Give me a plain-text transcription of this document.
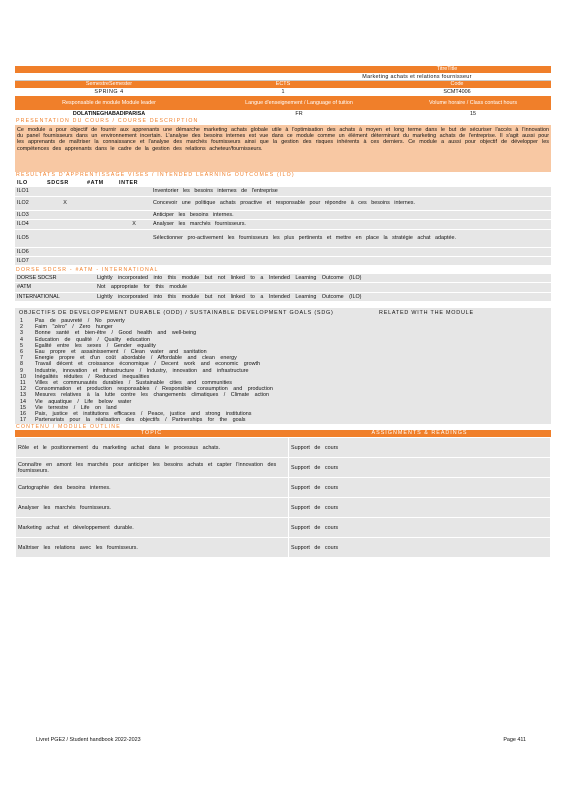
TitreTitle
Marketing achats et relations fournisseur
SemestreSemester	ECTS	Code
SPRING 4	1	SCMT4006
Responsable de module Module leader	Langue d'enseignement / Language of tuition	Volume horaire / Class contact hours
DOLATINEGHABADIPARISA	FR	15
PRESENTATION DU COURS / COURSE DESCRIPTION
Ce module a pour objectif de fournir aux apprenants une démarche marketing achats globale utile à l'optimisation des achats à moyen et long terme dans le but de sécuriser l'accès à l'innovation du panel fournisseurs dans un environnement incertain. L'analyse des besoins internes est vue dans ce module comme un élément déterminant du marketing achats de l'entreprise. Il s'agit aussi pour les apprenants de maîtriser la connaissance et l'analyse des marchés fournisseurs ainsi que la gestion des risques inhérents à ces derniers. Ce module a aussi pour objectif de développer les compétences des apprenants dans le cadre de la gestion des relations acheteur/fournisseurs.
RESULTATS D'APPRENTISSAGE VISES / INTENDED LEARNING OUTCOMES (ILO)
ILO	SDCSR	#ATM	INTER
ILO1				Inventorier les besoins internes de l'entreprise
ILO2	X			Concevoir une politique achats proactive et responsable pour répondre à ces besoins internes.
ILO3				Anticiper les besoins internes.
ILO4			X	Analyser les marchés fournisseurs.
ILO5				Sélectionner pro-activement les fournisseurs les plus pertinents et mettre en place la stratégie achat adaptée.
ILO6				
ILO7				
DORSE SDCSR - #ATM - INTERNATIONAL
DORSE SDCSR	Lightly incorporated into this module but not linked to a Intended Learning Outcome (ILO)
#ATM	Not appropriate for this module
INTERNATIONAL	Lightly incorporated into this module but not linked to a Intended Learning Outcome (ILO)
OBJECTIFS DE DEVELOPPEMENT DURABLE (ODD) / SUSTAINABLE DEVELOPMENT GOALS (SDG)	RELATED WITH THE MODULE
1	Pas de pauvreté / No poverty	
2	Faim "zéro" / Zero hunger	
3	Bonne santé et bien-être / Good health and well-being	
4	Education de qualité / Quality education	
5	Egalité entre les sexes / Gender equality	
6	Eau propre et assainissement / Clean water and sanitation	
7	Energie propre et d'un coût abordable / Affordable and clean energy	
8	Travail décent et croissance économique / Decent work and economic growth	
9	Industrie, innovation et infrastructure / Industry, innovation and infrastructure	
10	Inégalités réduites / Reduced inequalities	
11	Villes et communautés durables / Sustainable cities and communities	
12	Consommation et production responsables / Responsible consumption and production	
13	Mesures relatives à la lutte contre les changements climatiques / Climate action	
14	Vie aquatique / Life below water	
15	Vie terrestre / Life on land	
16	Paix, justice et institutions efficaces / Peace, justice and strong institutions	
17	Partenariats pour la réalisation des objectifs / Partnerships for the goals	
CONTENU / MODULE OUTLINE
TOPIC	ASSIGNMENTS & READINGS
Rôle et le positionnement du marketing achat dans le processus achats.	Support de cours
Connaître en amont les marchés pour anticiper les besoins achats et capter l'innovation des fournisseurs.	Support de cours
Cartographie des besoins internes.	Support de cours
Analyser les marchés fournisseurs.	Support de cours
Marketing achat et développement durable.	Support de cours
Maîtriser les relations avec les fournisseurs.	Support de cours
Livret PGE2 / Student handbook 2022-2023	Page 411
